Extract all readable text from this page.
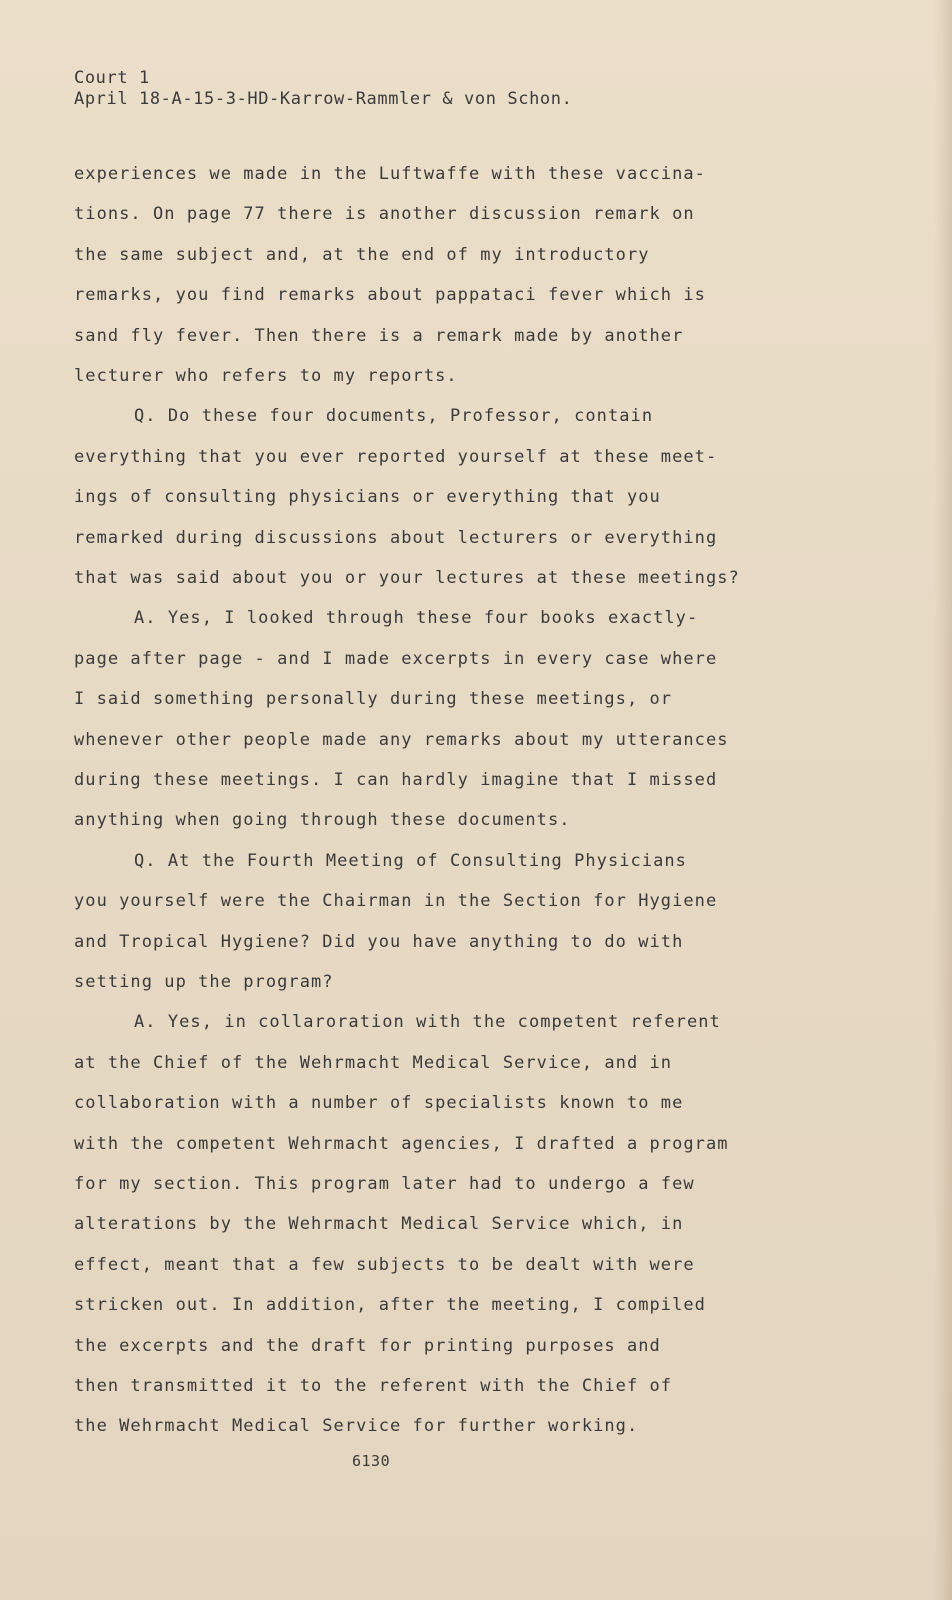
Court 1
April 18-A-15-3-HD-Karrow-Rammler & von Schon.
experiences we made in the Luftwaffe with these vaccina-
tions. On page 77 there is another discussion remark on
the same subject and, at the end of my introductory
remarks, you find remarks about pappataci fever which is
sand fly fever. Then there is a remark made by another
lecturer who refers to my reports.
Q. Do these four documents, Professor, contain
everything that you ever reported yourself at these meet-
ings of consulting physicians or everything that you
remarked during discussions about lecturers or everything
that was said about you or your lectures at these meetings?
A. Yes, I looked through these four books exactly-
page after page - and I made excerpts in every case where
I said something personally during these meetings, or
whenever other people made any remarks about my utterances
during these meetings. I can hardly imagine that I missed
anything when going through these documents.
Q. At the Fourth Meeting of Consulting Physicians
you yourself were the Chairman in the Section for Hygiene
and Tropical Hygiene? Did you have anything to do with
setting up the program?
A. Yes, in collaroration with the competent referent
at the Chief of the Wehrmacht Medical Service, and in
collaboration with a number of specialists known to me
with the competent Wehrmacht agencies, I drafted a program
for my section. This program later had to undergo a few
alterations by the Wehrmacht Medical Service which, in
effect, meant that a few subjects to be dealt with were
stricken out. In addition, after the meeting, I compiled
the excerpts and the draft for printing purposes and
then transmitted it to the referent with the Chief of
the Wehrmacht Medical Service for further working.
6130
